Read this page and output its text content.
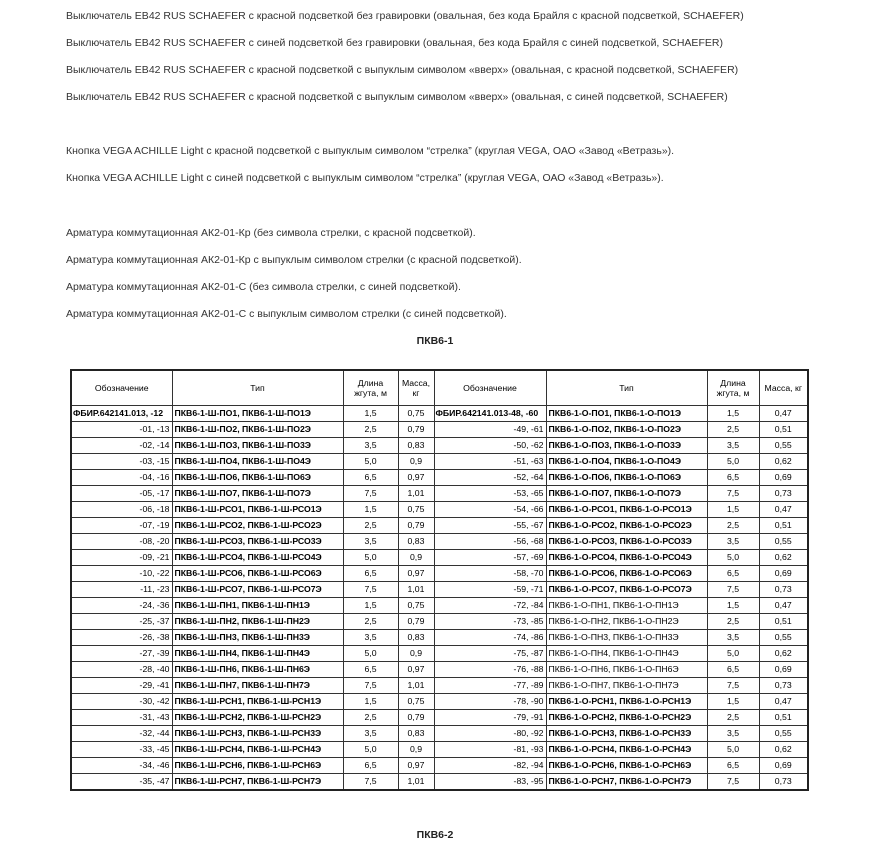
Выключатель ЕВ42 RUS SCHAEFER с красной подсветкой без гравировки (овальная, без кода Брайля с красной подсветкой, SCHAEFER)
Выключатель ЕВ42 RUS SCHAEFER с синей подсветкой без гравировки (овальная, без кода Брайля с синей подсветкой, SCHAEFER)
Выключатель ЕВ42 RUS SCHAEFER с красной подсветкой с выпуклым символом «вверх» (овальная, с красной подсветкой, SCHAEFER)
Выключатель ЕВ42 RUS SCHAEFER с красной подсветкой с выпуклым символом «вверх» (овальная, с синей подсветкой, SCHAEFER)
Кнопка VEGA ACHILLE Light с красной подсветкой с выпуклым символом “стрелка” (круглая VEGA, ОАО «Завод «Ветразь»).
Кнопка VEGA ACHILLE Light с синей подсветкой с выпуклым символом “стрелка” (круглая VEGA, ОАО «Завод «Ветразь»).
Арматура коммутационная АК2-01-Кр (без символа стрелки, с красной подсветкой).
Арматура коммутационная АК2-01-Кр с выпуклым символом стрелки (с красной подсветкой).
Арматура коммутационная АК2-01-С (без символа стрелки, с синей подсветкой).
Арматура коммутационная АК2-01-С с выпуклым символом стрелки (с синей подсветкой).
ПКВ6-1
Обозначение	Тип	Длина жгута, м	Масса, кг	Обозначение	Тип	Длина жгута, м	Масса, кг
ФБИР.642141.013, -12	ПКВ6-1-Ш-ПО1, ПКВ6-1-Ш-ПО1Э	1,5	0,75	ФБИР.642141.013-48, -60	ПКВ6-1-О-ПО1, ПКВ6-1-О-ПО1Э	1,5	0,47
-01, -13	ПКВ6-1-Ш-ПО2, ПКВ6-1-Ш-ПО2Э	2,5	0,79	-49, -61	ПКВ6-1-О-ПО2, ПКВ6-1-О-ПО2Э	2,5	0,51
-02, -14	ПКВ6-1-Ш-ПО3, ПКВ6-1-Ш-ПО3Э	3,5	0,83	-50, -62	ПКВ6-1-О-ПО3, ПКВ6-1-О-ПО3Э	3,5	0,55
-03, -15	ПКВ6-1-Ш-ПО4, ПКВ6-1-Ш-ПО4Э	5,0	0,9	-51, -63	ПКВ6-1-О-ПО4, ПКВ6-1-О-ПО4Э	5,0	0,62
-04, -16	ПКВ6-1-Ш-ПО6, ПКВ6-1-Ш-ПО6Э	6,5	0,97	-52, -64	ПКВ6-1-О-ПО6, ПКВ6-1-О-ПО6Э	6,5	0,69
-05, -17	ПКВ6-1-Ш-ПО7, ПКВ6-1-Ш-ПО7Э	7,5	1,01	-53, -65	ПКВ6-1-О-ПО7, ПКВ6-1-О-ПО7Э	7,5	0,73
-06, -18	ПКВ6-1-Ш-РСО1, ПКВ6-1-Ш-РСО1Э	1,5	0,75	-54, -66	ПКВ6-1-О-РСО1, ПКВ6-1-О-РСО1Э	1,5	0,47
-07, -19	ПКВ6-1-Ш-РСО2, ПКВ6-1-Ш-РСО2Э	2,5	0,79	-55, -67	ПКВ6-1-О-РСО2, ПКВ6-1-О-РСО2Э	2,5	0,51
-08, -20	ПКВ6-1-Ш-РСО3, ПКВ6-1-Ш-РСО3Э	3,5	0,83	-56, -68	ПКВ6-1-О-РСО3, ПКВ6-1-О-РСО3Э	3,5	0,55
-09, -21	ПКВ6-1-Ш-РСО4, ПКВ6-1-Ш-РСО4Э	5,0	0,9	-57, -69	ПКВ6-1-О-РСО4, ПКВ6-1-О-РСО4Э	5,0	0,62
-10, -22	ПКВ6-1-Ш-РСО6, ПКВ6-1-Ш-РСО6Э	6,5	0,97	-58, -70	ПКВ6-1-О-РСО6, ПКВ6-1-О-РСО6Э	6,5	0,69
-11, -23	ПКВ6-1-Ш-РСО7, ПКВ6-1-Ш-РСО7Э	7,5	1,01	-59, -71	ПКВ6-1-О-РСО7, ПКВ6-1-О-РСО7Э	7,5	0,73
-24, -36	ПКВ6-1-Ш-ПН1, ПКВ6-1-Ш-ПН1Э	1,5	0,75	-72, -84	ПКВ6-1-О-ПН1, ПКВ6-1-О-ПН1Э	1,5	0,47
-25, -37	ПКВ6-1-Ш-ПН2, ПКВ6-1-Ш-ПН2Э	2,5	0,79	-73, -85	ПКВ6-1-О-ПН2, ПКВ6-1-О-ПН2Э	2,5	0,51
-26, -38	ПКВ6-1-Ш-ПН3, ПКВ6-1-Ш-ПН3Э	3,5	0,83	-74, -86	ПКВ6-1-О-ПН3, ПКВ6-1-О-ПН3Э	3,5	0,55
-27, -39	ПКВ6-1-Ш-ПН4, ПКВ6-1-Ш-ПН4Э	5,0	0,9	-75, -87	ПКВ6-1-О-ПН4, ПКВ6-1-О-ПН4Э	5,0	0,62
-28, -40	ПКВ6-1-Ш-ПН6, ПКВ6-1-Ш-ПН6Э	6,5	0,97	-76, -88	ПКВ6-1-О-ПН6, ПКВ6-1-О-ПН6Э	6,5	0,69
-29, -41	ПКВ6-1-Ш-ПН7, ПКВ6-1-Ш-ПН7Э	7,5	1,01	-77, -89	ПКВ6-1-О-ПН7, ПКВ6-1-О-ПН7Э	7,5	0,73
-30, -42	ПКВ6-1-Ш-РСН1, ПКВ6-1-Ш-РСН1Э	1,5	0,75	-78, -90	ПКВ6-1-О-РСН1, ПКВ6-1-О-РСН1Э	1,5	0,47
-31, -43	ПКВ6-1-Ш-РСН2, ПКВ6-1-Ш-РСН2Э	2,5	0,79	-79, -91	ПКВ6-1-О-РСН2, ПКВ6-1-О-РСН2Э	2,5	0,51
-32, -44	ПКВ6-1-Ш-РСН3, ПКВ6-1-Ш-РСН3Э	3,5	0,83	-80, -92	ПКВ6-1-О-РСН3, ПКВ6-1-О-РСН3Э	3,5	0,55
-33, -45	ПКВ6-1-Ш-РСН4, ПКВ6-1-Ш-РСН4Э	5,0	0,9	-81, -93	ПКВ6-1-О-РСН4, ПКВ6-1-О-РСН4Э	5,0	0,62
-34, -46	ПКВ6-1-Ш-РСН6, ПКВ6-1-Ш-РСН6Э	6,5	0,97	-82, -94	ПКВ6-1-О-РСН6, ПКВ6-1-О-РСН6Э	6,5	0,69
-35, -47	ПКВ6-1-Ш-РСН7, ПКВ6-1-Ш-РСН7Э	7,5	1,01	-83, -95	ПКВ6-1-О-РСН7, ПКВ6-1-О-РСН7Э	7,5	0,73
ПКВ6-2
